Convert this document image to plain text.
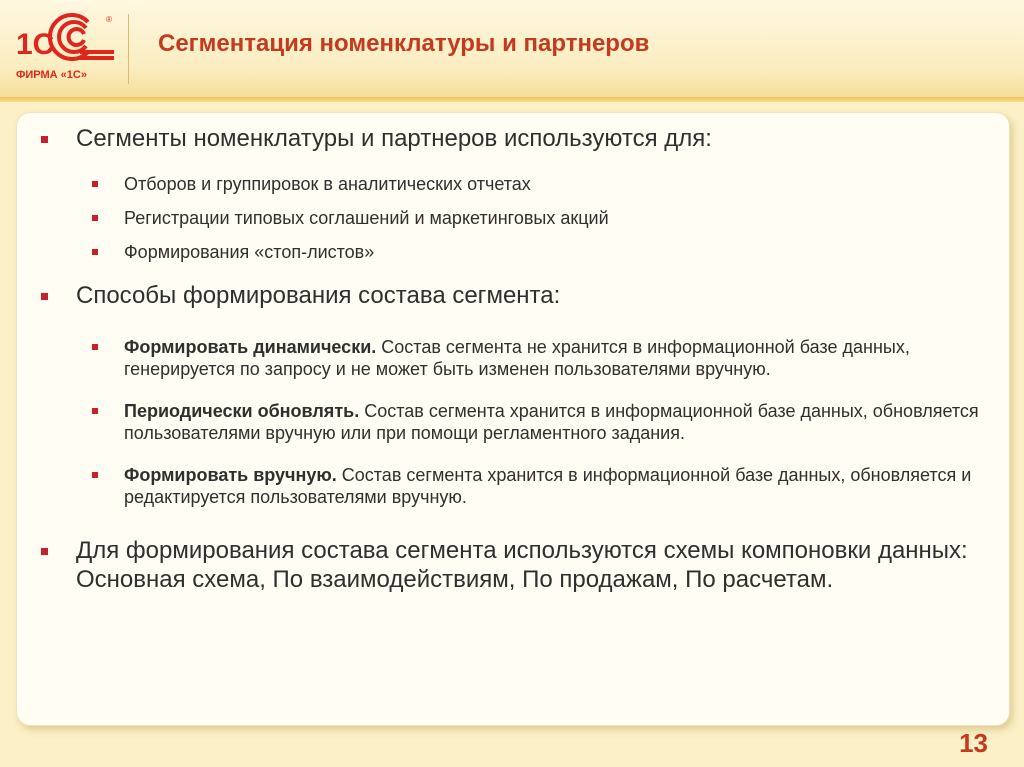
1С
®
ФИРМА «1С»
Сегментация номенклатуры и партнеров
Сегменты номенклатуры и партнеров используются для:
Отборов и группировок в аналитических отчетах
Регистрации типовых соглашений и маркетинговых акций
Формирования «стоп-листов»
Способы формирования состава сегмента:
Формировать динамически. Состав сегмента не хранится в информационной базе данных, генерируется по запросу и не может быть изменен пользователями вручную.
Периодически обновлять. Состав сегмента хранится в информационной базе данных, обновляется пользователями вручную или при помощи регламентного задания.
Формировать вручную. Состав сегмента хранится в информационной базе данных, обновляется и редактируется пользователями вручную.
Для формирования состава сегмента используются схемы компоновки данных: Основная схема, По взаимодействиям, По продажам, По расчетам.
13
